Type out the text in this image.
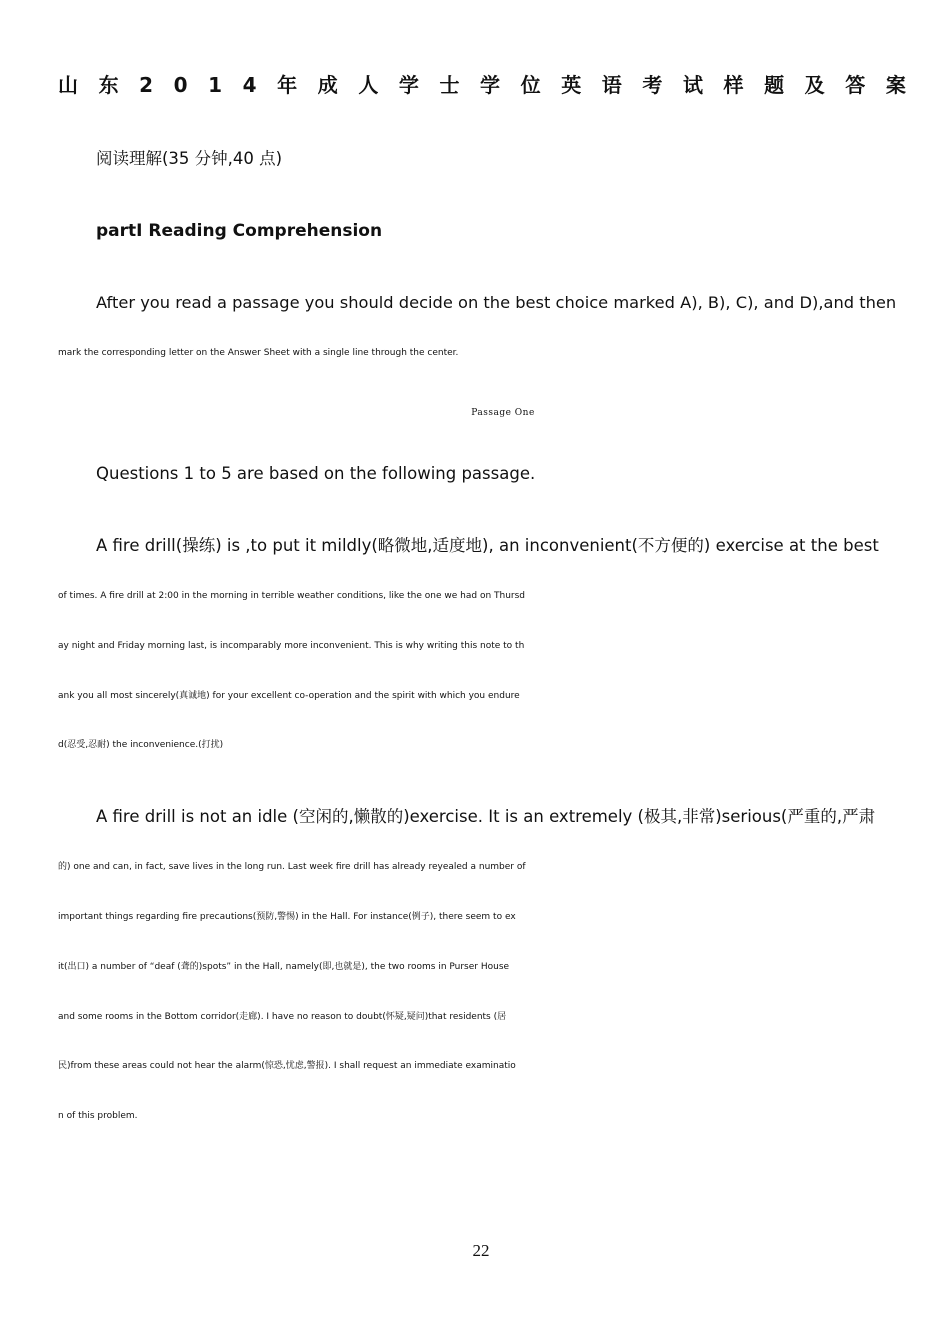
山 东 2 0 1 4 年 成 人 学 士 学 位 英 语 考 试 样 题 及 答 案
阅读理解(35 分钟,40 点)
partI Reading Comprehension
After you read a passage you should decide on the best choice marked A), B), C), and D),and then
mark the corresponding letter on the Answer Sheet with a single line through the center.
Passage One
Questions 1 to 5 are based on the following passage.
A fire drill(操练) is ,to put it mildly(略微地,适度地), an inconvenient(不方便的) exercise at the best
of times. A fire drill at 2:00 in the morning in terrible weather conditions, like the one we had on Thursd
ay night and Friday morning last, is incomparably more inconvenient. This is why writing this note to th
ank you all most sincerely(真诚地) for your excellent co-operation and the spirit with which you endure
d(忍受,忍耐) the inconvenience.(打扰)
A fire drill is not an idle (空闲的,懒散的)exercise. It is an extremely (极其,非常)serious(严重的,严肃
的) one and can, in fact, save lives in the long run. Last week fire drill has already reyealed a number of
important things regarding fire precautions(预防,警惕) in the Hall. For instance(例子), there seem to ex
it(出口) a number of “deaf (聋的)spots” in the Hall, namely(即,也就是), the two rooms in Purser House
and some rooms in the Bottom corridor(走廊). I have no reason to doubt(怀疑,疑问)that residents (居
民)from these areas could not hear the alarm(惊恐,忧虑,警报). I shall request an immediate examinatio
n of this problem.
22
